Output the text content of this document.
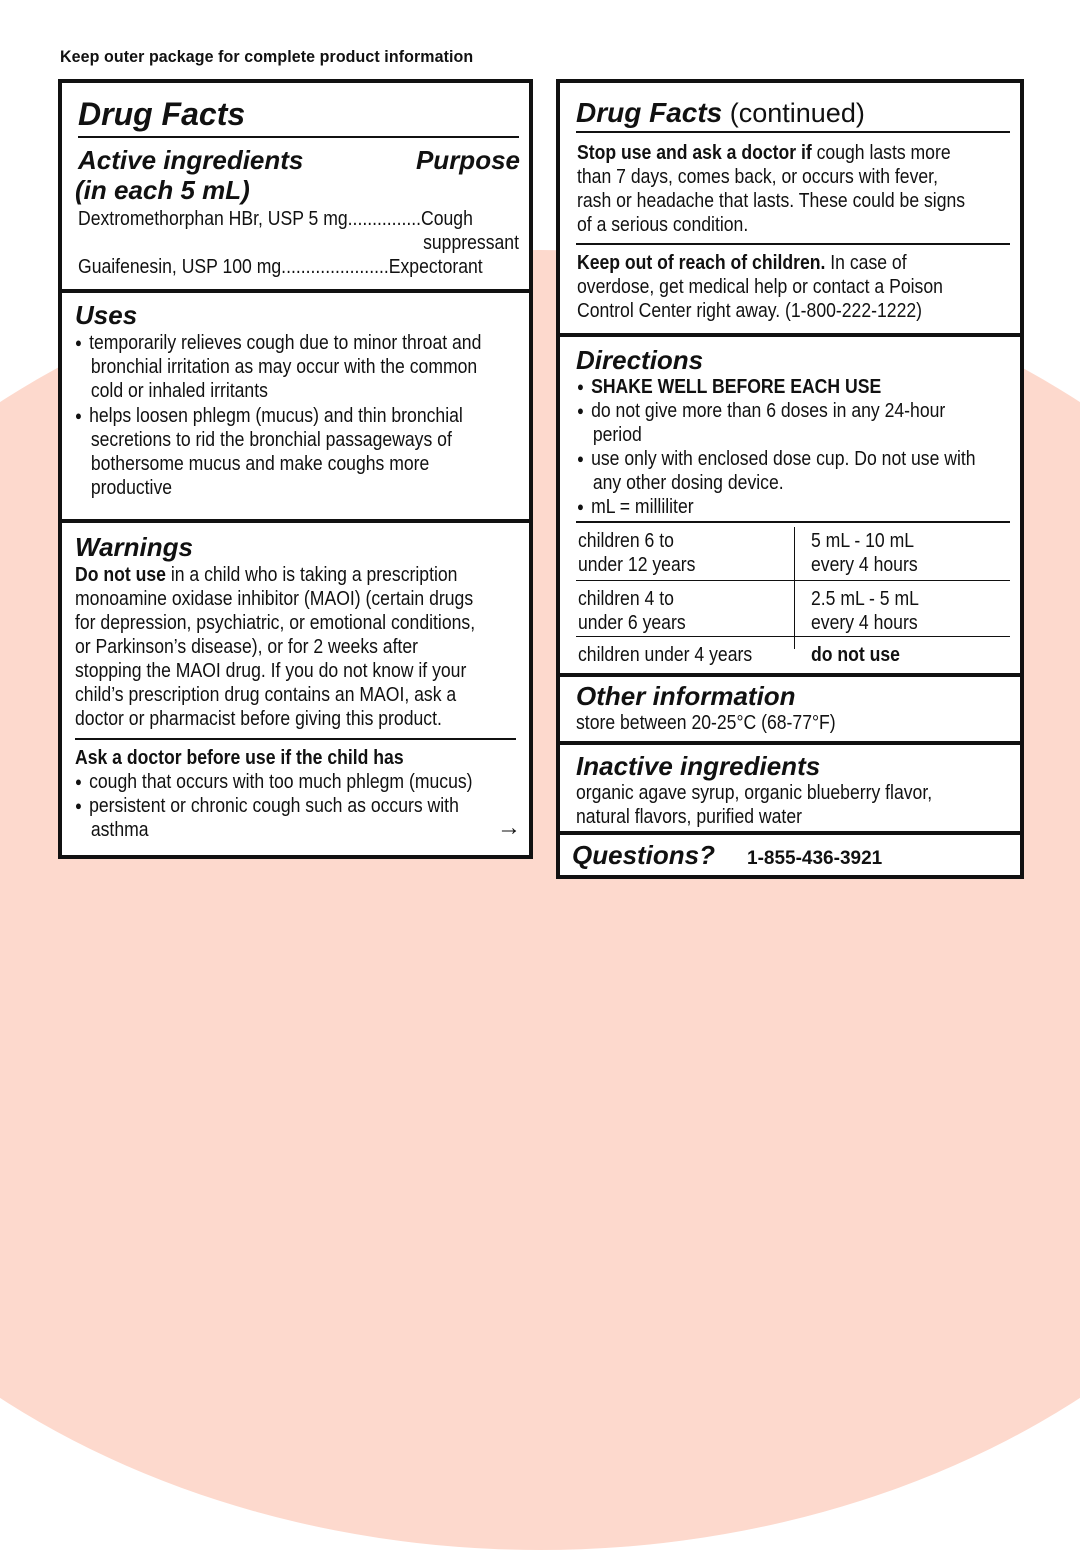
Keep outer package for complete product information
Drug Facts
Active ingredients
(in each 5 mL)
Purpose
Dextromethorphan HBr, USP 5 mg...............Cough
suppressant
Guaifenesin, USP 100 mg......................Expectorant
Uses
● temporarily relieves cough due to minor throat and
bronchial irritation as may occur with the common
cold or inhaled irritants
● helps loosen phlegm (mucus) and thin bronchial
secretions to rid the bronchial passageways of
bothersome mucus and make coughs more
productive
Warnings
Do not use in a child who is taking a prescription
monoamine oxidase inhibitor (MAOI) (certain drugs
for depression, psychiatric, or emotional conditions,
or Parkinson’s disease), or for 2 weeks after
stopping the MAOI drug. If you do not know if your
child’s prescription drug contains an MAOI, ask a
doctor or pharmacist before giving this product.
Ask a doctor before use if the child has
● cough that occurs with too much phlegm (mucus)
● persistent or chronic cough such as occurs with
asthma	→
Drug Facts (continued)
Stop use and ask a doctor if cough lasts more
than 7 days, comes back, or occurs with fever,
rash or headache that lasts. These could be signs
of a serious condition.
Keep out of reach of children. In case of
overdose, get medical help or contact a Poison
Control Center right away. (1-800-222-1222)
Directions
● SHAKE WELL BEFORE EACH USE
● do not give more than 6 doses in any 24-hour
period
● use only with enclosed dose cup. Do not use with
any other dosing device.
● mL = milliliter
children 6 to
under 12 years
5 mL - 10 mL
every 4 hours
children 4 to
under 6 years
2.5 mL - 5 mL
every 4 hours
children under 4 years	do not use
Other information
store between 20-25°C (68-77°F)
Inactive ingredients
organic agave syrup, organic blueberry flavor,
natural flavors, purified water
Questions? 1-855-436-3921
